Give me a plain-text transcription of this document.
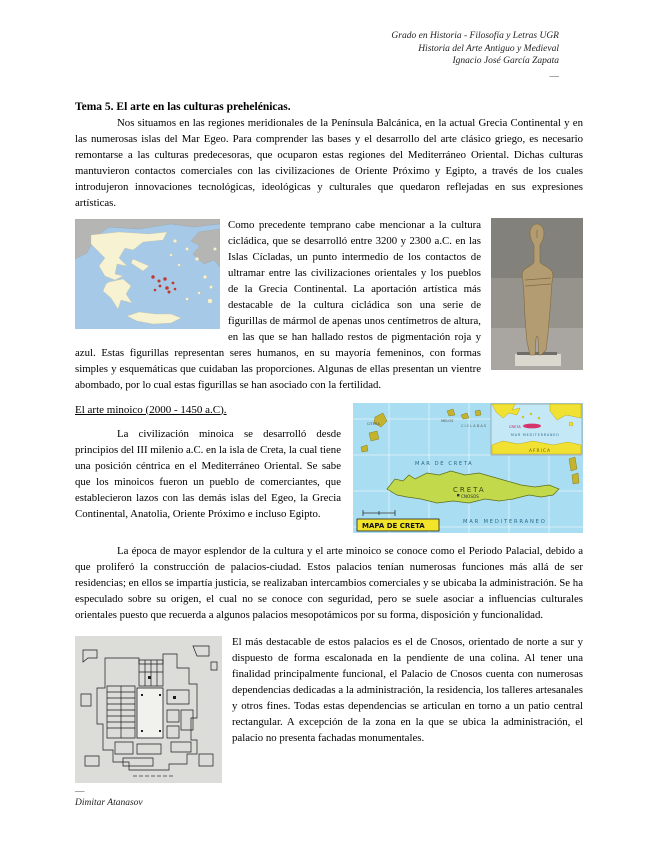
Grado en Historia - Filosofía y Letras UGR
Historia del Arte Antiguo y Medieval
Ignacio José García Zapata
—
Tema 5. El arte en las culturas prehelénicas.

Nos situamos en las regiones meridionales de la Península Balcánica, en la actual Grecia Continental y en las numerosas islas del Mar Egeo. Para comprender las bases y el desarrollo del arte clásico griego, es necesario remontarse a las culturas predecesoras, que ocuparon estas regiones del Mediterráneo Oriental. Dichas culturas mantuvieron contactos comerciales con las civilizaciones de Oriente Próximo y Egipto, a través de los cuales introdujeron innovaciones tecnológicas, ideológicas y culturales que quedaron reflejadas en sus expresiones artísticas.

Como precedente temprano cabe mencionar a la cultura cicládica, que se desarrolló entre 3200 y 2300 a.C. en las Islas Cícladas, un punto intermedio de los contactos de ultramar entre las civilizaciones orientales y los pueblos de la Grecia Continental. La aportación artística más destacable de la cultura cicládica son una serie de figurillas de mármol de apenas unos centímetros de altura, en las que se han hallado restos de pigmentación roja y azul. Estas figurillas representan seres humanos, en su mayoría femeninos, con formas simples y esquemáticas que cuidaban las proporciones. Algunas de ellas presentan un vientre abombado, por lo cual estas figurillas se han asociado con la fertilidad.

CRETA
CNOSOS
CITERA
MELOS
CICLADAS
MAR DE CRETA
MAR MEDITERRANEO
MAPA DE CRETA
CRETA
MAR MEDITERRANEO
AFRICA
El arte minoico (2000 - 1450 a.C).

La civilización minoica se desarrolló desde principios del III milenio a.C. en la isla de Creta, la cual tiene una posición céntrica en el Mediterráneo Oriental. Se sabe que los minoicos fueron un pueblo de comerciantes, que establecieron lazos con las demás islas del Egeo, la Grecia Continental, Anatolia, Oriente Próximo e incluso Egipto.

La época de mayor esplendor de la cultura y el arte minoico se conoce como el Periodo Palacial, debido a que proliferó la construcción de palacios-ciudad. Estos palacios tenían numerosas funciones más allá de ser residencias; en ellos se impartía justicia, se realizaban intercambios comerciales y se ubicaba la administración. Se ha especulado sobre su origen, el cual no se conoce con seguridad, pero se suele asociar a influencias culturales orientales puesto que recuerda a algunos palacios mesopotámicos por su forma, disposición y funcionalidad.

El más destacable de estos palacios es el de Cnosos, orientado de norte a sur y dispuesto de forma escalonada en la pendiente de una colina. Al tener una finalidad principalmente funcional, el Palacio de Cnosos cuenta con numerosas dependencias dedicadas a la administración, la residencia, los talleres artesanales y otros fines. Todas estas dependencias se articulan en torno a un patio central rectangular. A excepción de la zona en la que se ubica la administración, el palacio no presenta fachadas monumentales.

—
Dimitar Atanasov
